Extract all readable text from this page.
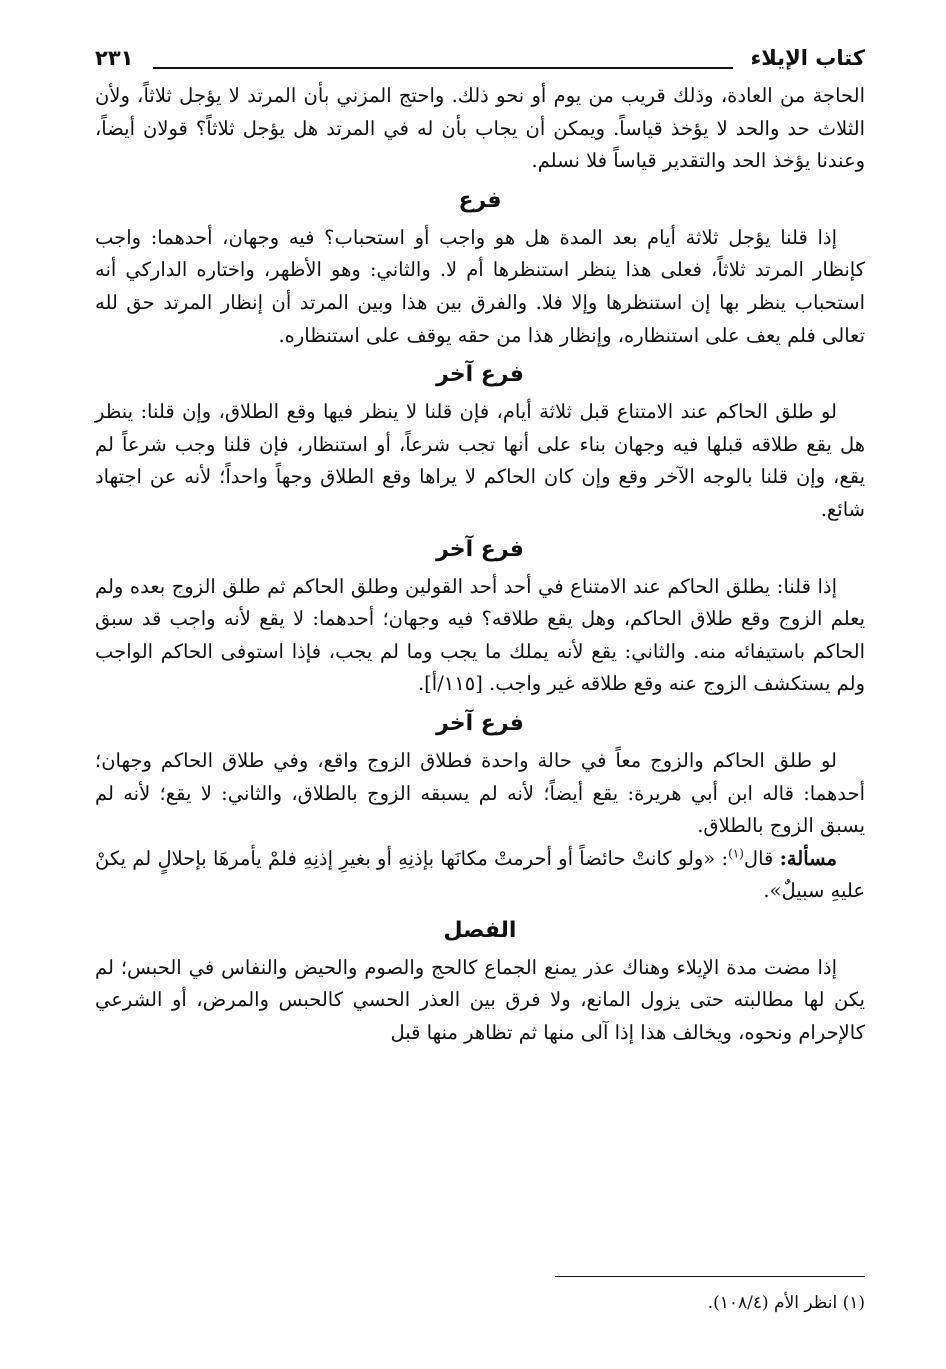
كتاب الإيلاء
٢٣١

الحاجة من العادة، وذلك قريب من يوم أو نحو ذلك. واحتج المزني بأن المرتد لا يؤجل ثلاثاً، ولأن الثلاث حد والحد لا يؤخذ قياساً. ويمكن أن يجاب بأن له في المرتد هل يؤجل ثلاثاً؟ قولان أيضاً، وعندنا يؤخذ الحد والتقدير قياساً فلا نسلم.

فرع

إذا قلنا يؤجل ثلاثة أيام بعد المدة هل هو واجب أو استحباب؟ فيه وجهان، أحدهما: واجب كإنظار المرتد ثلاثاً، فعلى هذا ينظر استنظرها أم لا. والثاني: وهو الأظهر، واختاره الداركي أنه استحباب ينظر بها إن استنظرها وإلا فلا. والفرق بين هذا وبين المرتد أن إنظار المرتد حق لله تعالى فلم يعف على استنظاره، وإنظار هذا من حقه يوقف على استنظاره.

فرع آخر

لو طلق الحاكم عند الامتناع قبل ثلاثة أيام، فإن قلنا لا ينظر فيها وقع الطلاق، وإن قلنا: ينظر هل يقع طلاقه قبلها فيه وجهان بناء على أنها تجب شرعاً، أو استنظار، فإن قلنا وجب شرعاً لم يقع، وإن قلنا بالوجه الآخر وقع وإن كان الحاكم لا يراها وقع الطلاق وجهاً واحداً؛ لأنه عن اجتهاد شائع.

فرع آخر

إذا قلنا: يطلق الحاكم عند الامتناع في أحد أحد القولين وطلق الحاكم ثم طلق الزوج بعده ولم يعلم الزوج وقع طلاق الحاكم، وهل يقع طلاقه؟ فيه وجهان؛ أحدهما: لا يقع لأنه واجب قد سبق الحاكم باستيفائه منه. والثاني: يقع لأنه يملك ما يجب وما لم يجب، فإذا استوفى الحاكم الواجب ولم يستكشف الزوج عنه وقع طلاقه غير واجب. [١١٥/أ].

فرع آخر

لو طلق الحاكم والزوج معاً في حالة واحدة فطلاق الزوج واقع، وفي طلاق الحاكم وجهان؛ أحدهما: قاله ابن أبي هريرة: يقع أيضاً؛ لأنه لم يسبقه الزوج بالطلاق، والثاني: لا يقع؛ لأنه لم يسبق الزوج بالطلاق.

مسألة: قال$^{(١)}$: «ولو كانتْ حائضاً أو أحرمتْ مكانَها بإذنِهِ أو بغيرِ إذنِهِ فلمْ يأمرهَا بإحلالٍ لم يكنْ عليهِ سبيلٌ».

الفصل

إذا مضت مدة الإيلاء وهناك عذر يمنع الجماع كالحج والصوم والحيض والنفاس في الحبس؛ لم يكن لها مطالبته حتى يزول المانع، ولا فرق بين العذر الحسي كالحبس والمرض، أو الشرعي كالإحرام ونحوه، ويخالف هذا إذا آلى منها ثم تظاهر منها قبل

(١) انظر الأم (١٠٨/٤).
